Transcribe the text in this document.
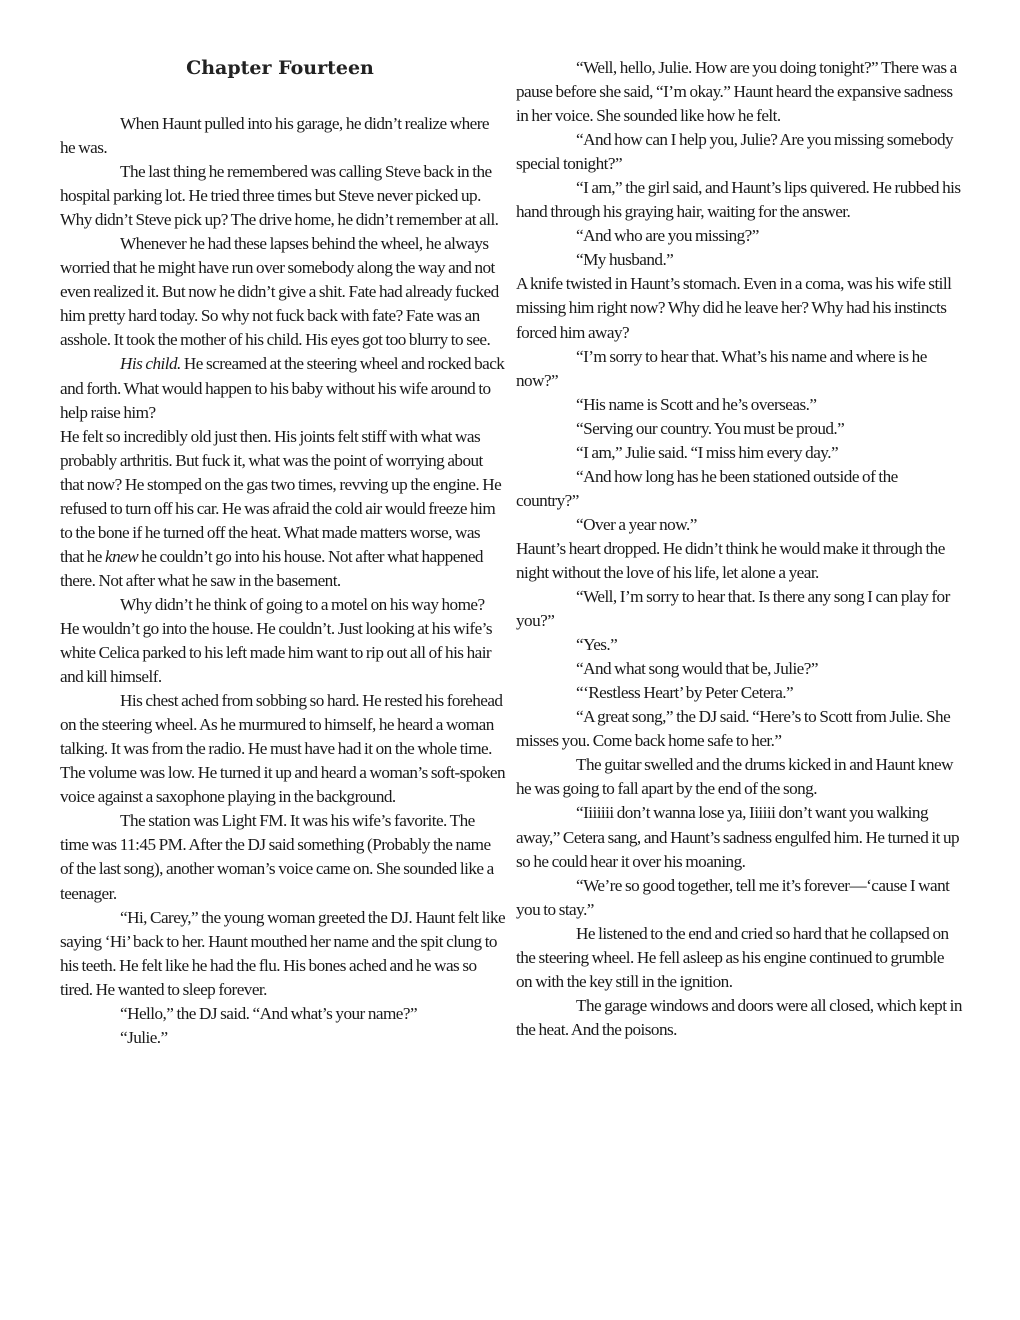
Chapter Fourteen

When Haunt pulled into his garage, he didn’t realize where he was.

The last thing he remembered was calling Steve back in the hospital parking lot. He tried three times but Steve never picked up. Why didn’t Steve pick up? The drive home, he didn’t remember at all.

Whenever he had these lapses behind the wheel, he always worried that he might have run over somebody along the way and not even realized it. But now he didn’t give a shit. Fate had already fucked him pretty hard today. So why not fuck back with fate? Fate was an asshole. It took the mother of his child. His eyes got too blurry to see.

His child. He screamed at the steering wheel and rocked back and forth. What would happen to his baby without his wife around to help raise him?

He felt so incredibly old just then. His joints felt stiff with what was probably arthritis. But fuck it, what was the point of worrying about that now? He stomped on the gas two times, revving up the engine. He refused to turn off his car. He was afraid the cold air would freeze him to the bone if he turned off the heat. What made matters worse, was that he knew he couldn’t go into his house. Not after what happened there. Not after what he saw in the basement.

Why didn’t he think of going to a motel on his way home? He wouldn’t go into the house. He couldn’t. Just looking at his wife’s white Celica parked to his left made him want to rip out all of his hair and kill himself.

His chest ached from sobbing so hard. He rested his forehead on the steering wheel. As he murmured to himself, he heard a woman talking. It was from the radio. He must have had it on the whole time. The volume was low. He turned it up and heard a woman’s soft-spoken voice against a saxophone playing in the background.

The station was Light FM. It was his wife’s favorite. The time was 11:45 PM. After the DJ said something (Probably the name of the last song), another woman’s voice came on. She sounded like a teenager.

“Hi, Carey,” the young woman greeted the DJ. Haunt felt like saying ‘Hi’ back to her. Haunt mouthed her name and the spit clung to his teeth. He felt like he had the flu. His bones ached and he was so tired. He wanted to sleep forever.

“Hello,” the DJ said. “And what’s your name?”

“Julie.”

“Well, hello, Julie. How are you doing tonight?” There was a pause before she said, “I’m okay.” Haunt heard the expansive sadness in her voice. She sounded like how he felt.

“And how can I help you, Julie? Are you missing somebody special tonight?”

“I am,” the girl said, and Haunt’s lips quivered. He rubbed his hand through his graying hair, waiting for the answer.

“And who are you missing?”

“My husband.”

A knife twisted in Haunt’s stomach. Even in a coma, was his wife still missing him right now? Why did he leave her? Why had his instincts forced him away?

“I’m sorry to hear that. What’s his name and where is he now?”

“His name is Scott and he’s overseas.”

“Serving our country. You must be proud.”

“I am,” Julie said. “I miss him every day.”

“And how long has he been stationed outside of the country?”

“Over a year now.”

Haunt’s heart dropped. He didn’t think he would make it through the night without the love of his life, let alone a year.

“Well, I’m sorry to hear that. Is there any song I can play for you?”

“Yes.”

“And what song would that be, Julie?”

“‘Restless Heart’ by Peter Cetera.”

“A great song,” the DJ said. “Here’s to Scott from Julie. She misses you. Come back home safe to her.”

The guitar swelled and the drums kicked in and Haunt knew he was going to fall apart by the end of the song.

“Iiiiiii don’t wanna lose ya, Iiiiii don’t want you walking away,” Cetera sang, and Haunt’s sadness engulfed him. He turned it up so he could hear it over his moaning.

“We’re so good together, tell me it’s forever—‘cause I want you to stay.”

He listened to the end and cried so hard that he collapsed on the steering wheel. He fell asleep as his engine continued to grumble on with the key still in the ignition.

The garage windows and doors were all closed, which kept in the heat. And the poisons.
